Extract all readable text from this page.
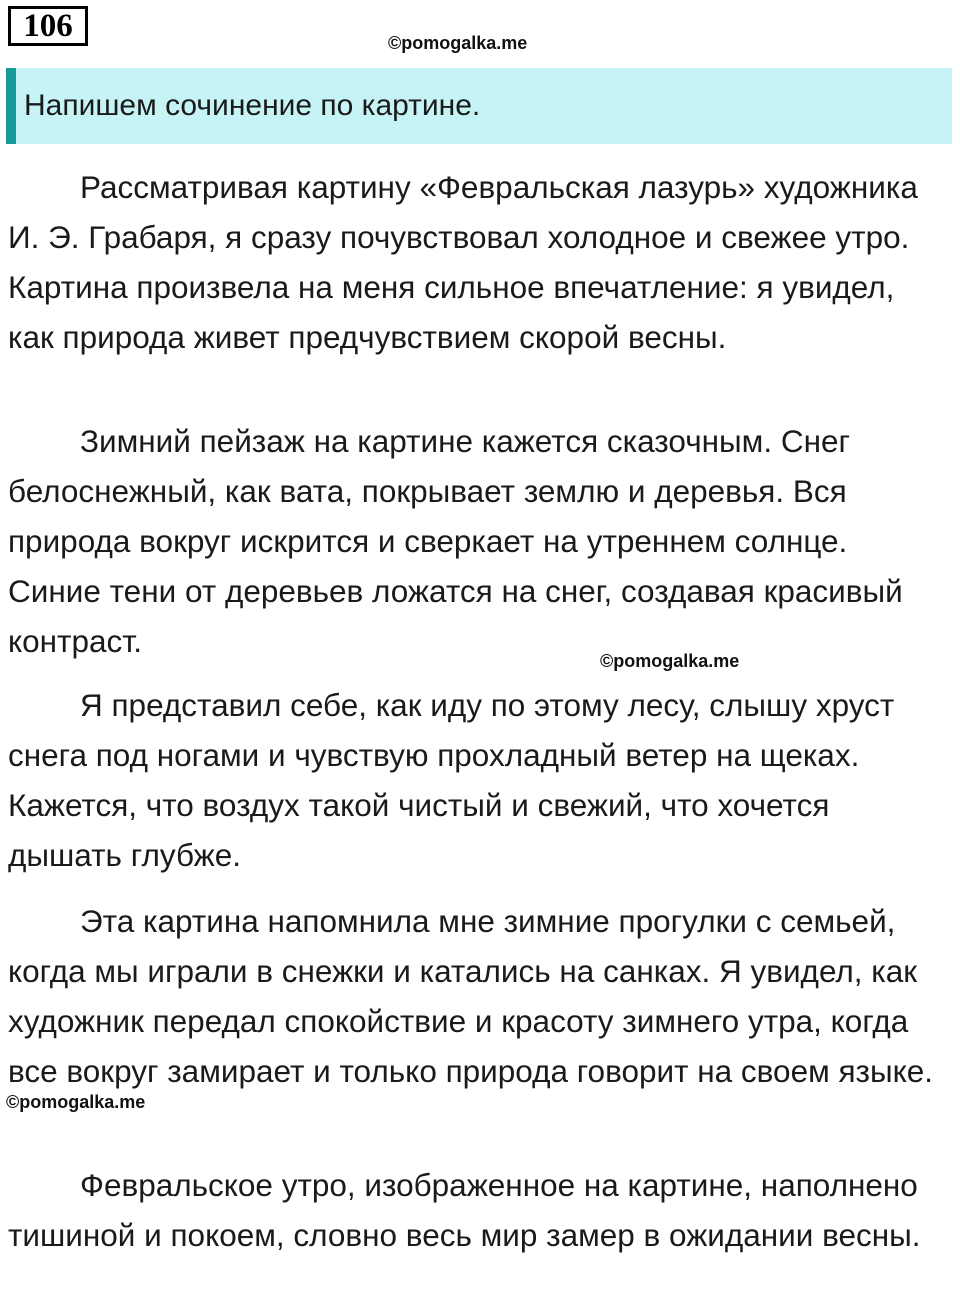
106	©pomogalka.me
Напишем сочинение по картине.

Рассматривая картину «Февральская лазурь» художника И. Э. Грабаря, я сразу почувствовал холодное и свежее утро. Картина произвела на меня сильное впечатление: я увидел, как природа живет предчувствием скорой весны.

Зимний пейзаж на картине кажется сказочным. Снег белоснежный, как вата, покрывает землю и деревья. Вся природа вокруг искрится и сверкает на утреннем солнце. Синие тени от деревьев ложатся на снег, создавая красивый контраст.

©pomogalka.me

Я представил себе, как иду по этому лесу, слышу хруст снега под ногами и чувствую прохладный ветер на щеках. Кажется, что воздух такой чистый и свежий, что хочется дышать глубже.

Эта картина напомнила мне зимние прогулки с семьей, когда мы играли в снежки и катались на санках. Я увидел, как художник передал спокойствие и красоту зимнего утра, когда все вокруг замирает и только природа говорит на своем языке.

©pomogalka.me

Февральское утро, изображенное на картине, наполнено тишиной и покоем, словно весь мир замер в ожидании весны.
